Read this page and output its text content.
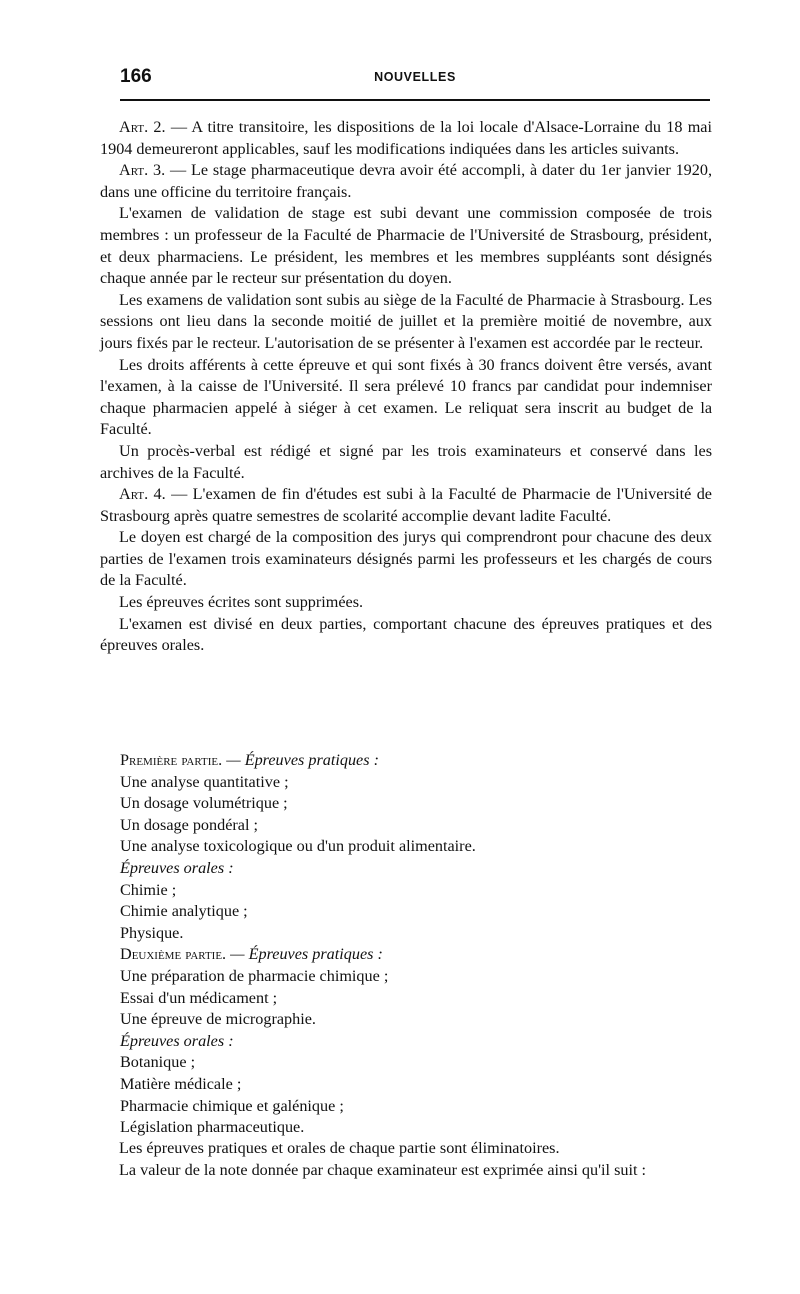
166	NOUVELLES

Art. 2. — A titre transitoire, les dispositions de la loi locale d'Alsace-Lorraine du 18 mai 1904 demeureront applicables, sauf les modifications indiquées dans les articles suivants.

Art. 3. — Le stage pharmaceutique devra avoir été accompli, à dater du 1er janvier 1920, dans une officine du territoire français.

L'examen de validation de stage est subi devant une commission composée de trois membres : un professeur de la Faculté de Pharmacie de l'Université de Strasbourg, président, et deux pharmaciens. Le président, les membres et les membres suppléants sont désignés chaque année par le recteur sur présentation du doyen.

Les examens de validation sont subis au siège de la Faculté de Pharmacie à Strasbourg. Les sessions ont lieu dans la seconde moitié de juillet et la première moitié de novembre, aux jours fixés par le recteur. L'autorisation de se présenter à l'examen est accordée par le recteur.

Les droits afférents à cette épreuve et qui sont fixés à 30 francs doivent être versés, avant l'examen, à la caisse de l'Université. Il sera prélevé 10 francs par candidat pour indemniser chaque pharmacien appelé à siéger à cet examen. Le reliquat sera inscrit au budget de la Faculté.

Un procès-verbal est rédigé et signé par les trois examinateurs et conservé dans les archives de la Faculté.

Art. 4. — L'examen de fin d'études est subi à la Faculté de Pharmacie de l'Université de Strasbourg après quatre semestres de scolarité accomplie devant ladite Faculté.

Le doyen est chargé de la composition des jurys qui comprendront pour chacune des deux parties de l'examen trois examinateurs désignés parmi les professeurs et les chargés de cours de la Faculté.

Les épreuves écrites sont supprimées.

L'examen est divisé en deux parties, comportant chacune des épreuves pratiques et des épreuves orales.

Première partie. — Épreuves pratiques :

Une analyse quantitative ;

Un dosage volumétrique ;

Un dosage pondéral ;

Une analyse toxicologique ou d'un produit alimentaire.

Épreuves orales :

Chimie ;

Chimie analytique ;

Physique.

Deuxième partie. — Épreuves pratiques :

Une préparation de pharmacie chimique ;

Essai d'un médicament ;

Une épreuve de micrographie.

Épreuves orales :

Botanique ;

Matière médicale ;

Pharmacie chimique et galénique ;

Législation pharmaceutique.

Les épreuves pratiques et orales de chaque partie sont éliminatoires.

La valeur de la note donnée par chaque examinateur est exprimée ainsi qu'il suit :
